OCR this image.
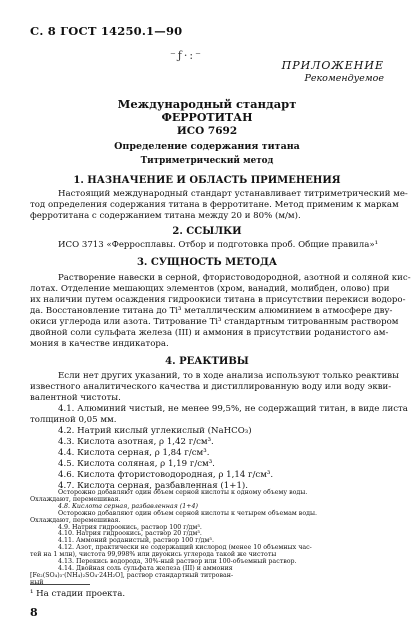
С. 8 ГОСТ 14250.1—90
⁻ƒ·:⁻
ПРИЛОЖЕНИЕ
Рекомендуемое
Международный стандарт
ФЕРРОТИТАН
ИСО 7692
Определение содержания титана
Титриметрический метод
1. НАЗНАЧЕНИЕ И ОБЛАСТЬ ПРИМЕНЕНИЯ
Настоящий международный стандарт устанавливает титриметрический ме-
тод определения содержания титана в ферротитане. Метод применим к маркам
ферротитана с содержанием титана между 20 и 80% (м/м).
2. ССЫЛКИ
ИСО 3713 «Ферросплавы. Отбор и подготовка проб. Общие правила»¹
3. СУЩНОСТЬ МЕТОДА
Растворение навески в серной, фтористоводородной, азотной и соляной кис-
лотах. Отделение мешающих элементов (хром, ванадий, молибден, олово) при
их наличии путем осаждения гидроокиси титана в присутствии перекиси водоро-
да. Восстановление титана до Ti³ металлическим алюминием в атмосфере дву-
окиси углерода или азота. Титрование Ti³ стандартным титрованным раствором
двойной соли сульфата железа (III) и аммония в присутствии роданистого ам-
мония в качестве индикатора.
4. РЕАКТИВЫ
Если нет других указаний, то в ходе анализа используют только реактивы
известного аналитического качества и дистиллированную воду или воду экви-
валентной чистоты.
4.1. Алюминий чистый, не менее 99,5%, не содержащий титан, в виде листа
толщиной 0,05 мм.
4.2. Натрий кислый углекислый (NaHCO₃)
4.3. Кислота азотная, ρ 1,42 г/см³.
4.4. Кислота серная, ρ 1,84 г/см³.
4.5. Кислота соляная, ρ 1,19 г/см³.
4.6. Кислота фтористоводородная, ρ 1,14 г/см³.
4.7. Кислота серная, разбавленная (1+1).
¹ На стадии проекта.
8
Осторожно добавляют один объем серной кислоты к одному объему воды.
Охлаждают, перемешивая.
4.8. Кислота серная, разбавленная (1+4)
Осторожно добавляют один объем серной кислоты к четырем объемам воды.
Охлаждают, перемешивая.
4.9. Натрия гидроокись, раствор 100 г/дм³.
4.10. Натрия гидроокись, раствор 20 г/дм³.
4.11. Аммоний роданистый, раствор 100 г/дм³.
4.12. Азот, практически не содержащий кислород (менее 10 объемных час-
тей на 1 млн), чистота 99,998% или двуокись углерода такой же чистоты
4.13. Перекись водорода, 30%-ный раствор или 100-объемный раствор.
4.14. Двойная соль сульфата железа (III) и аммония
[Fe₂(SO₄)₃·(NH₄)₂SO₄·24H₂O], раствор стандартный титрован-
ный
